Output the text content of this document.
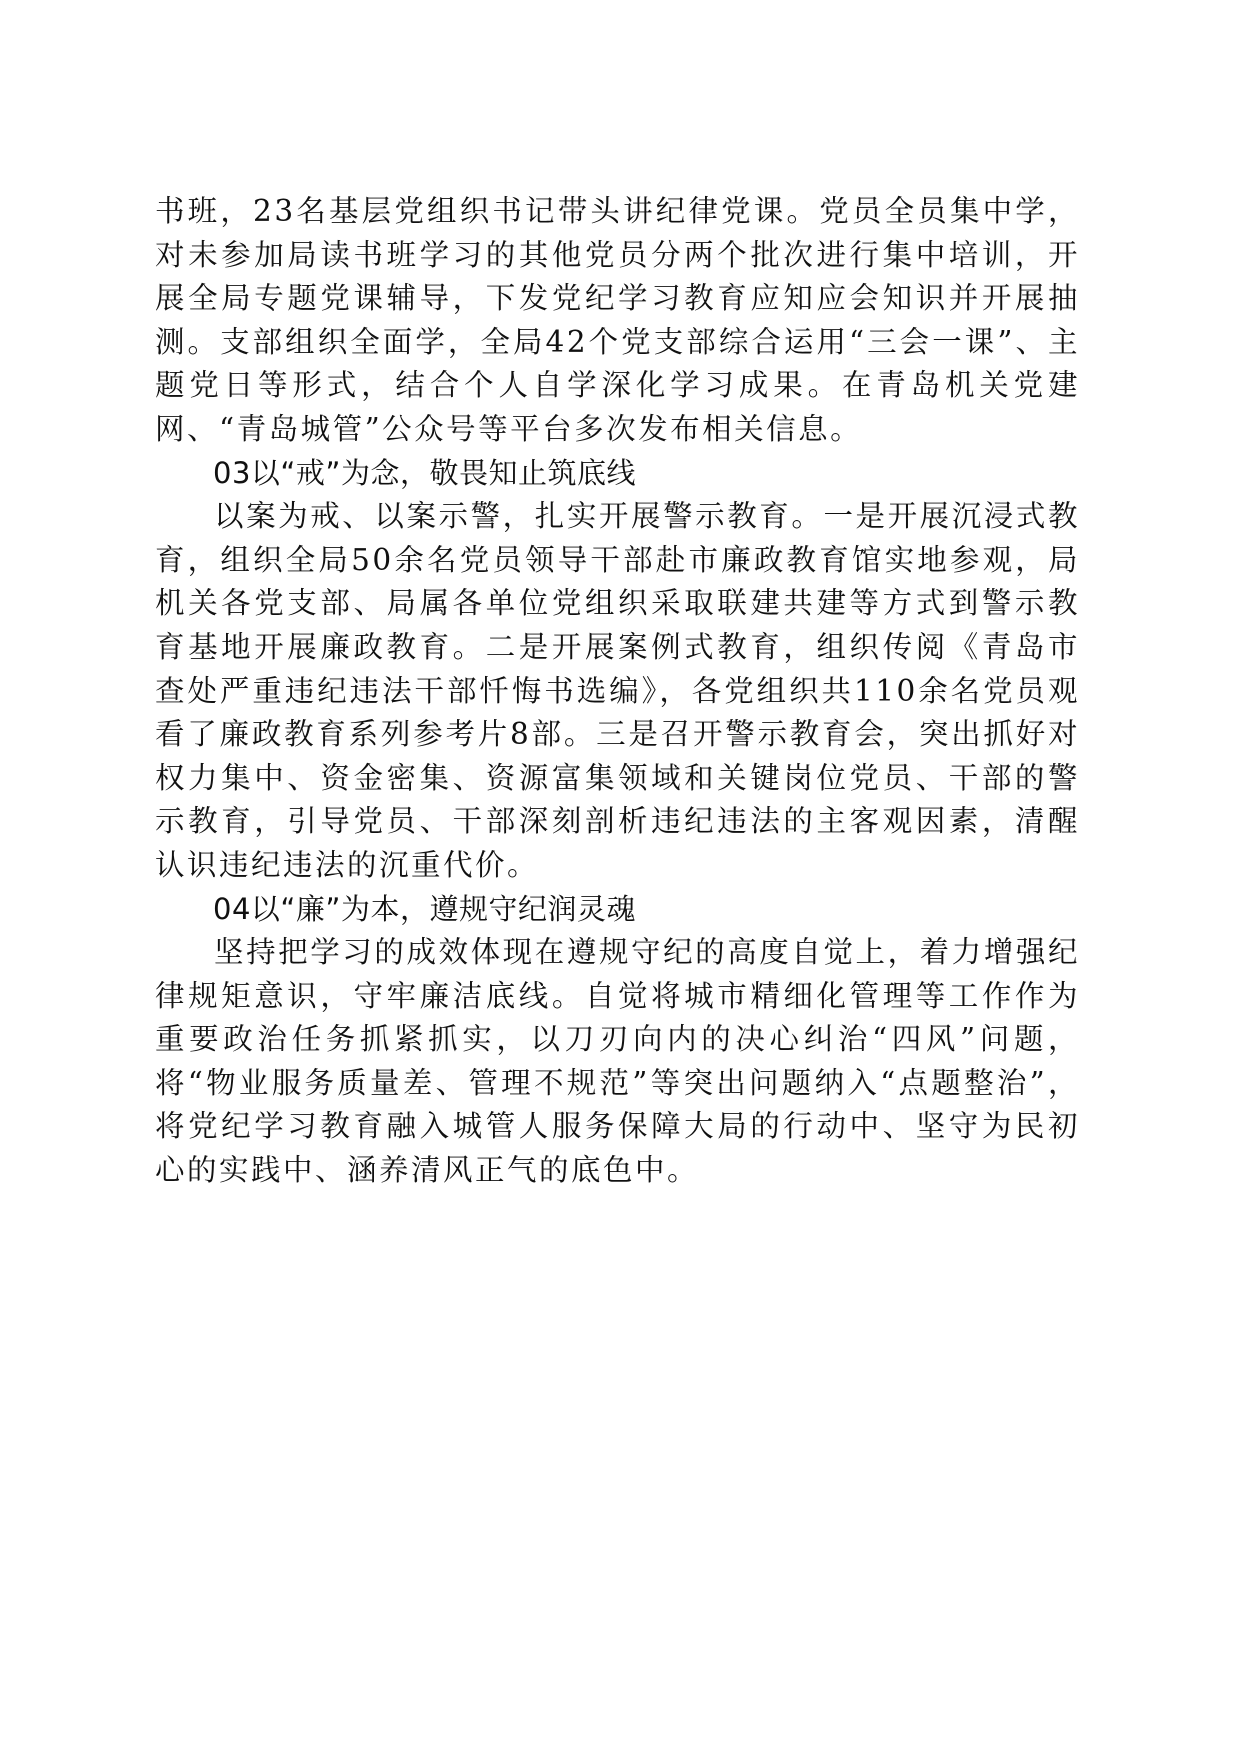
书班，23名基层党组织书记带头讲纪律党课。党员全员集中学，对未参加局读书班学习的其他党员分两个批次进行集中培训，开展全局专题党课辅导，下发党纪学习教育应知应会知识并开展抽测。支部组织全面学，全局42个党支部综合运用“三会一课”、主题党日等形式，结合个人自学深化学习成果。在青岛机关党建网、“青岛城管”公众号等平台多次发布相关信息。

03以“戒”为念，敬畏知止筑底线

以案为戒、以案示警，扎实开展警示教育。一是开展沉浸式教育，组织全局50余名党员领导干部赴市廉政教育馆实地参观，局机关各党支部、局属各单位党组织采取联建共建等方式到警示教育基地开展廉政教育。二是开展案例式教育，组织传阅《青岛市查处严重违纪违法干部忏悔书选编》，各党组织共110余名党员观看了廉政教育系列参考片8部。三是召开警示教育会，突出抓好对权力集中、资金密集、资源富集领域和关键岗位党员、干部的警示教育，引导党员、干部深刻剖析违纪违法的主客观因素，清醒认识违纪违法的沉重代价。

04以“廉”为本，遵规守纪润灵魂

坚持把学习的成效体现在遵规守纪的高度自觉上，着力增强纪律规矩意识，守牢廉洁底线。自觉将城市精细化管理等工作作为重要政治任务抓紧抓实，以刀刃向内的决心纠治“四风”问题，将“物业服务质量差、管理不规范”等突出问题纳入“点题整治”，将党纪学习教育融入城管人服务保障大局的行动中、坚守为民初心的实践中、涵养清风正气的底色中。
